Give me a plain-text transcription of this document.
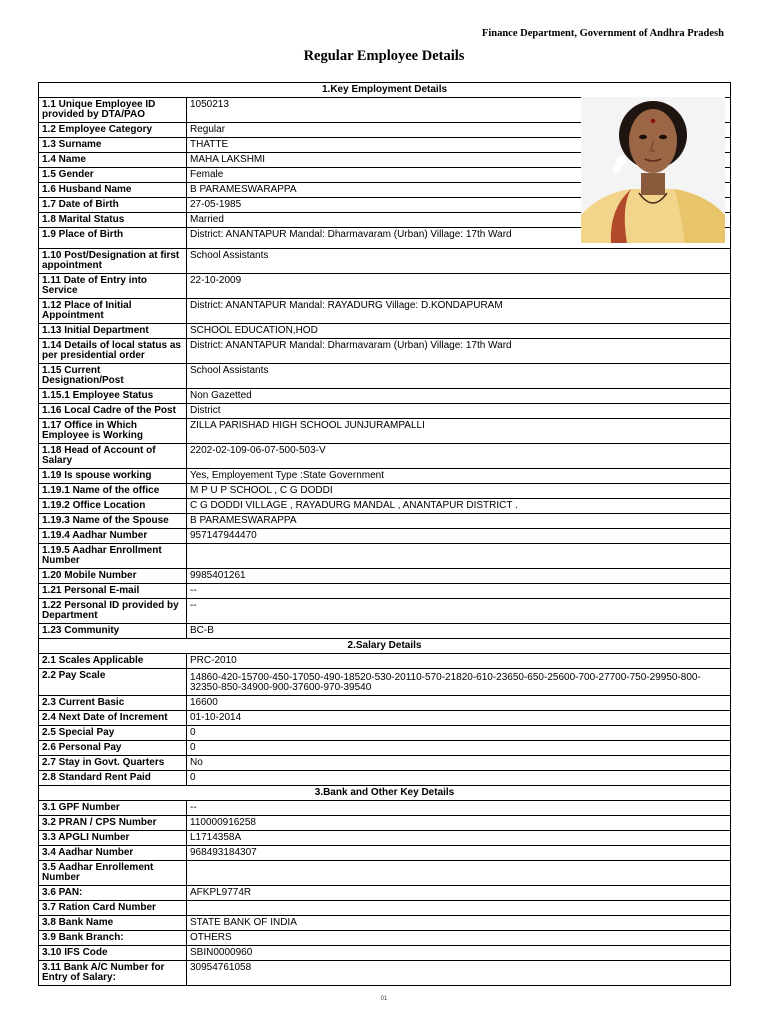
Finance Department, Government of Andhra Pradesh
Regular Employee Details
1.Key Employment Details	
1.1 Unique Employee ID provided by DTA/PAO	1050213
1.2 Employee Category	Regular
1.3 Surname	THATTE
1.4 Name	MAHA LAKSHMI
1.5 Gender	Female
1.6 Husband Name	B PARAMESWARAPPA
1.7 Date of Birth	27-05-1985
1.8 Marital Status	Married
1.9 Place of Birth	District: ANANTAPUR Mandal: Dharmavaram (Urban) Village: 17th Ward
1.10 Post/Designation at first appointment	School Assistants
1.11 Date of Entry into Service	22-10-2009
1.12 Place of Initial Appointment	District: ANANTAPUR Mandal: RAYADURG Village: D.KONDAPURAM
1.13 Initial Department	SCHOOL EDUCATION,HOD
1.14 Details of local status as per presidential order	District: ANANTAPUR Mandal: Dharmavaram (Urban) Village: 17th Ward
1.15 Current Designation/Post	School Assistants
1.15.1 Employee Status	Non Gazetted
1.16 Local Cadre of the Post	District
1.17 Office in Which Employee is Working	ZILLA PARISHAD HIGH SCHOOL JUNJURAMPALLI
1.18 Head of Account of Salary	2202-02-109-06-07-500-503-V
1.19 Is spouse working	Yes, Employement Type :State Government
1.19.1 Name of the office	M P U P SCHOOL , C G DODDI
1.19.2 Office Location	C G DODDI VILLAGE , RAYADURG MANDAL , ANANTAPUR DISTRICT .
1.19.3 Name of the Spouse	B PARAMESWARAPPA
1.19.4 Aadhar Number	957147944470
1.19.5 Aadhar Enrollment Number	
1.20 Mobile Number	9985401261
1.21 Personal E-mail	--
1.22 Personal ID provided by Department	--
1.23 Community	BC-B
2.Salary Details	
2.1 Scales Applicable	PRC-2010
2.2 Pay Scale	14860-420-15700-450-17050-490-18520-530-20110-570-21820-610-23650-650-25600-700-27700-750-29950-800-32350-850-34900-900-37600-970-39540
2.3 Current Basic	16600
2.4 Next Date of Increment	01-10-2014
2.5 Special Pay	0
2.6 Personal Pay	0
2.7 Stay in Govt. Quarters	No
2.8 Standard Rent Paid	0
3.Bank and Other Key Details	
3.1 GPF Number	--
3.2 PRAN / CPS Number	110000916258
3.3 APGLI Number	L1714358A
3.4 Aadhar Number	968493184307
3.5 Aadhar Enrollement Number	
3.6 PAN:	AFKPL9774R
3.7 Ration Card Number	
3.8 Bank Name	STATE BANK OF INDIA
3.9 Bank Branch:	OTHERS
3.10 IFS Code	SBIN0000960
3.11 Bank A/C Number for Entry of Salary:	30954761058
01
